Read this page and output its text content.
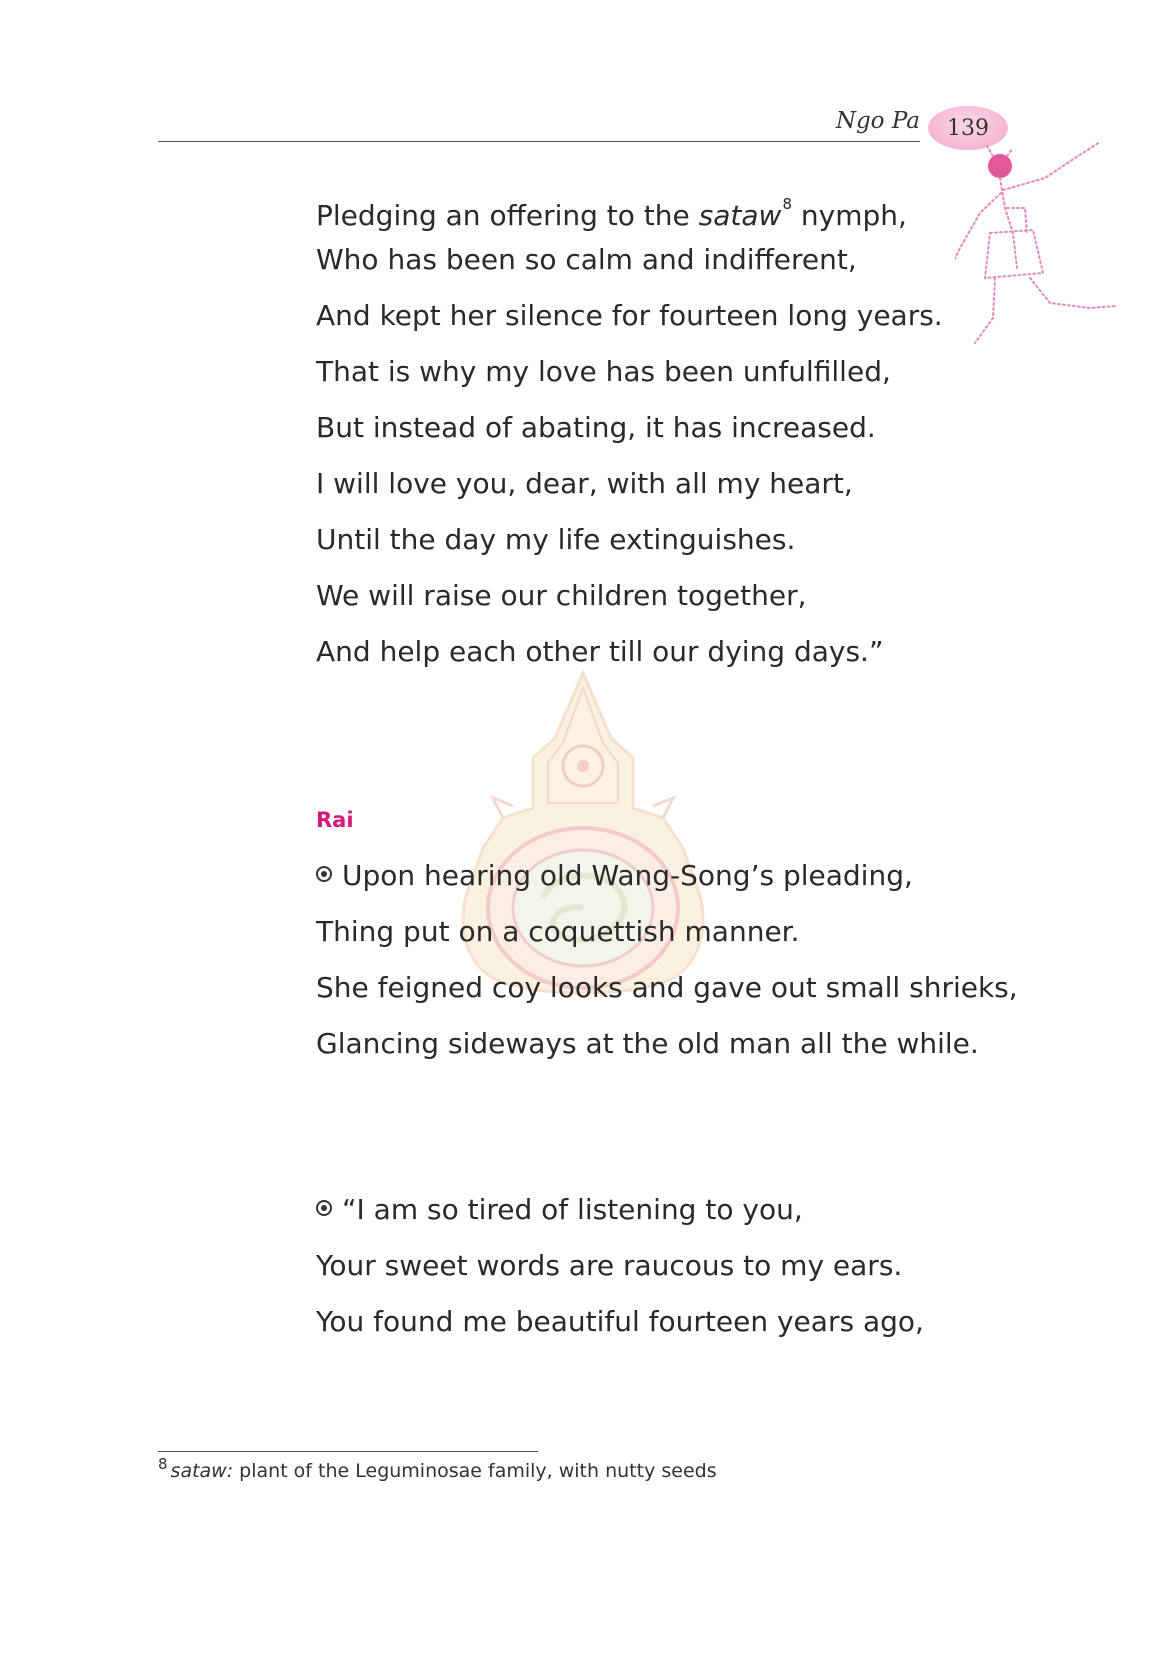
Ngo Pa 139
Pledging an offering to the sataw$^8$ nymph,
Who has been so calm and indifferent,
And kept her silence for fourteen long years.
That is why my love has been unfulfilled,
But instead of abating, it has increased.
I will love you, dear, with all my heart,
Until the day my life extinguishes.
We will raise our children together,
And help each other till our dying days.”
Rai
Upon hearing old Wang-Song’s pleading,
Thing put on a coquettish manner.
She feigned coy looks and gave out small shrieks,
Glancing sideways at the old man all the while.
“I am so tired of listening to you,
Your sweet words are raucous to my ears.
You found me beautiful fourteen years ago,
$^8$ sataw: plant of the Leguminosae family, with nutty seeds
